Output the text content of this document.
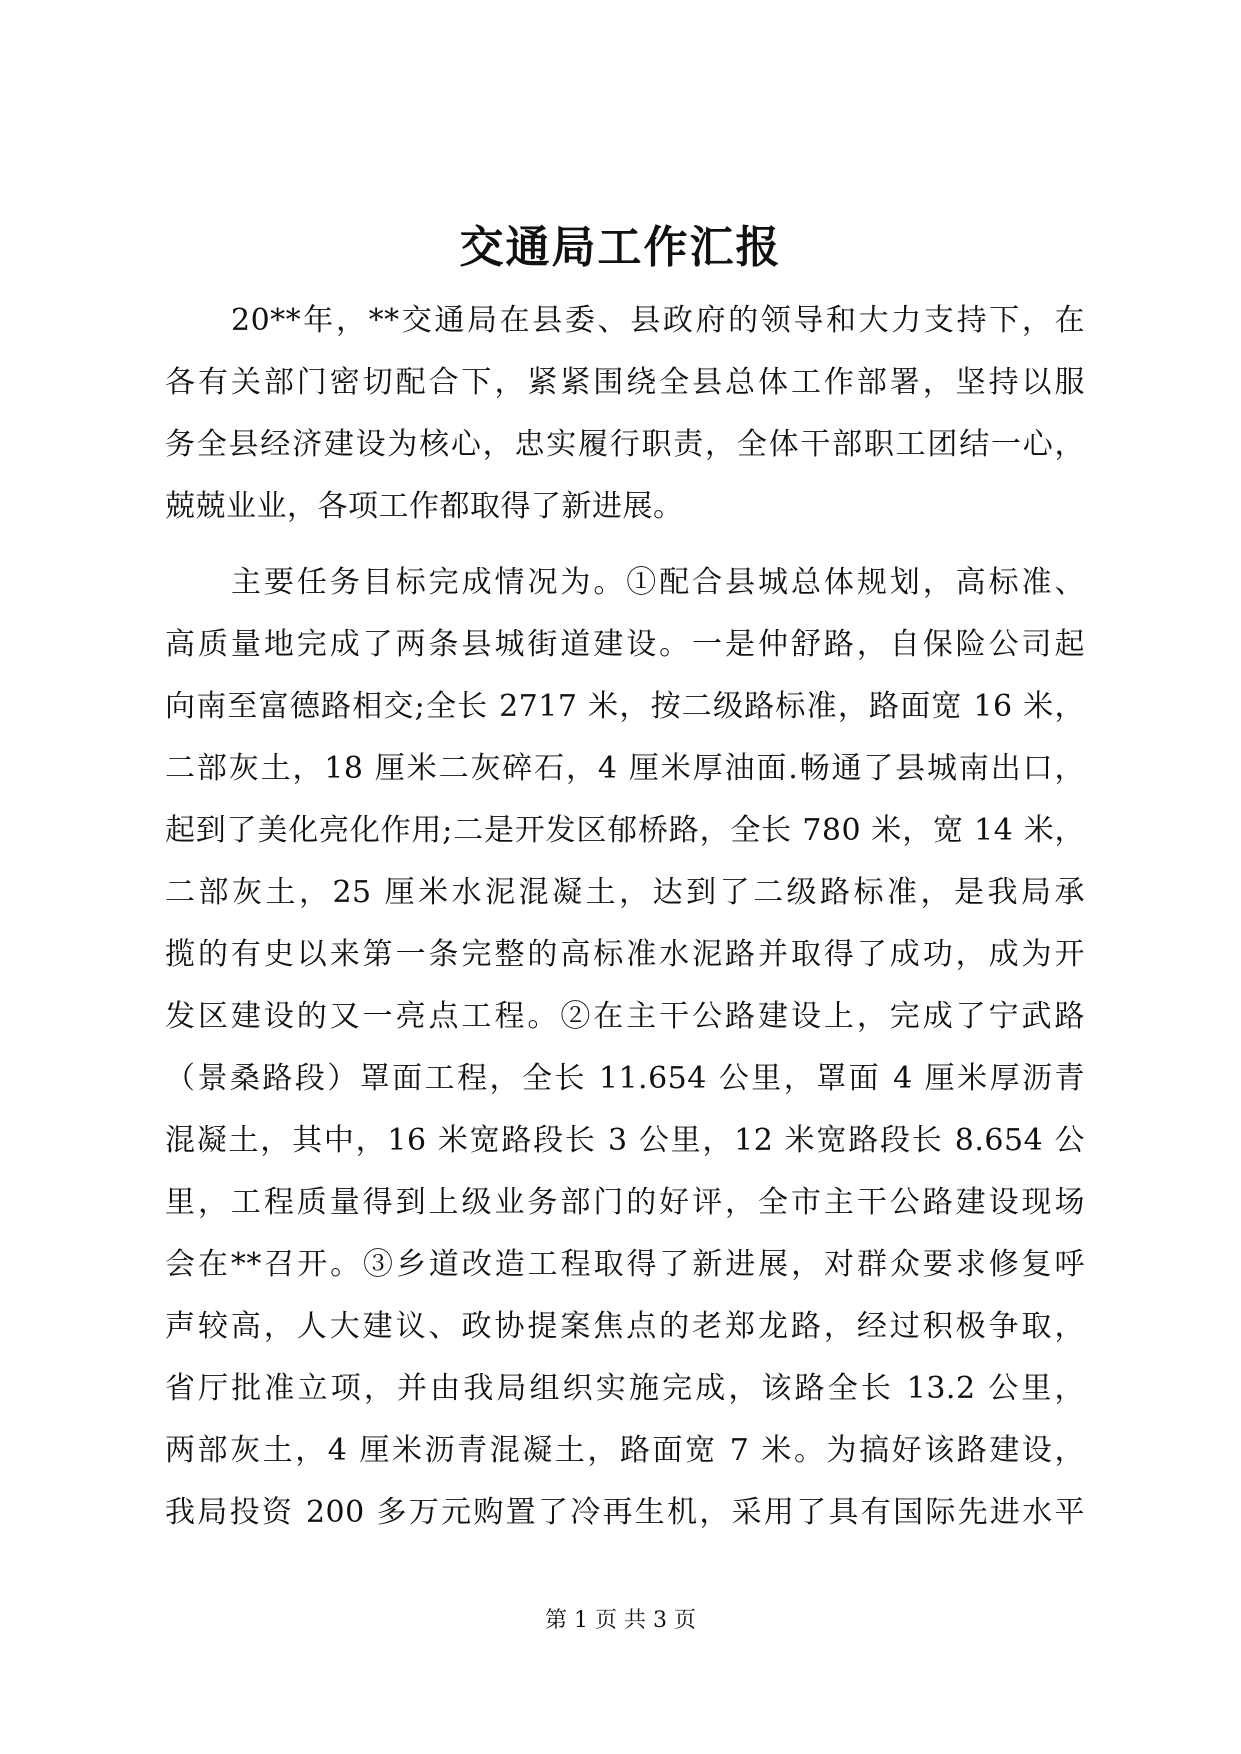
交通局工作汇报
20**年，**交通局在县委、县政府的领导和大力支持下，在
各有关部门密切配合下，紧紧围绕全县总体工作部署，坚持以服
务全县经济建设为核心，忠实履行职责，全体干部职工团结一心，
兢兢业业，各项工作都取得了新进展。
主要任务目标完成情况为。①配合县城总体规划，高标准、
高质量地完成了两条县城街道建设。一是仲舒路，自保险公司起
向南至富德路相交;全长 2717 米，按二级路标准，路面宽 16 米，
二部灰土，18 厘米二灰碎石，4 厘米厚油面.畅通了县城南出口，
起到了美化亮化作用;二是开发区郁桥路，全长 780 米，宽 14 米，
二部灰土，25 厘米水泥混凝土，达到了二级路标准，是我局承
揽的有史以来第一条完整的高标准水泥路并取得了成功，成为开
发区建设的又一亮点工程。②在主干公路建设上，完成了宁武路
（景桑路段）罩面工程，全长 11.654 公里，罩面 4 厘米厚沥青
混凝土，其中，16 米宽路段长 3 公里，12 米宽路段长 8.654 公
里，工程质量得到上级业务部门的好评，全市主干公路建设现场
会在**召开。③乡道改造工程取得了新进展，对群众要求修复呼
声较高，人大建议、政协提案焦点的老郑龙路，经过积极争取，
省厅批准立项，并由我局组织实施完成，该路全长 13.2 公里，
两部灰土，4 厘米沥青混凝土，路面宽 7 米。为搞好该路建设，
我局投资 200 多万元购置了冷再生机，采用了具有国际先进水平
第 1 页 共 3 页
